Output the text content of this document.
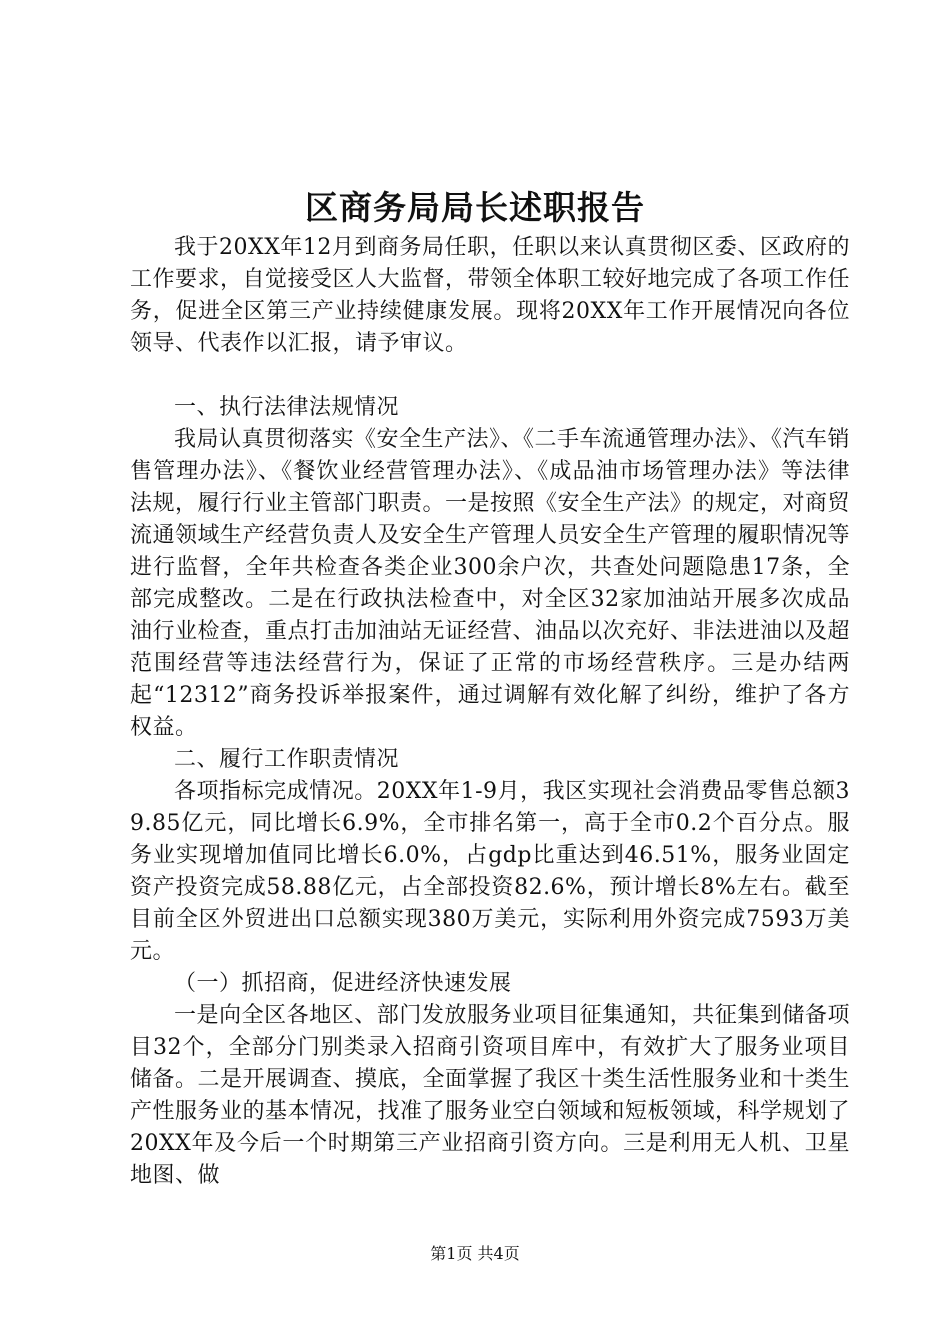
区商务局局长述职报告

我于20XX年12月到商务局任职，任职以来认真贯彻区委、区政府的工作要求，自觉接受区人大监督，带领全体职工较好地完成了各项工作任务，促进全区第三产业持续健康发展。现将20XX年工作开展情况向各位领导、代表作以汇报，请予审议。

一、执行法律法规情况

我局认真贯彻落实《安全生产法》、《二手车流通管理办法》、《汽车销售管理办法》、《餐饮业经营管理办法》、《成品油市场管理办法》等法律法规，履行行业主管部门职责。一是按照《安全生产法》的规定，对商贸流通领域生产经营负责人及安全生产管理人员安全生产管理的履职情况等进行监督，全年共检查各类企业300余户次，共查处问题隐患17条，全部完成整改。二是在行政执法检查中，对全区32家加油站开展多次成品油行业检查，重点打击加油站无证经营、油品以次充好、非法进油以及超范围经营等违法经营行为，保证了正常的市场经营秩序。三是办结两起“12312”商务投诉举报案件，通过调解有效化解了纠纷，维护了各方权益。

二、履行工作职责情况

各项指标完成情况。20XX年1-9月，我区实现社会消费品零售总额39.85亿元，同比增长6.9%，全市排名第一，高于全市0.2个百分点。服务业实现增加值同比增长6.0%，占gdp比重达到46.51%，服务业固定资产投资完成58.88亿元，占全部投资82.6%，预计增长8%左右。截至目前全区外贸进出口总额实现380万美元，实际利用外资完成7593万美元。

（一）抓招商，促进经济快速发展

一是向全区各地区、部门发放服务业项目征集通知，共征集到储备项目32个，全部分门别类录入招商引资项目库中，有效扩大了服务业项目储备。二是开展调查、摸底，全面掌握了我区十类生活性服务业和十类生产性服务业的基本情况，找准了服务业空白领域和短板领域，科学规划了20XX年及今后一个时期第三产业招商引资方向。三是利用无人机、卫星地图、做

第1页 共4页
